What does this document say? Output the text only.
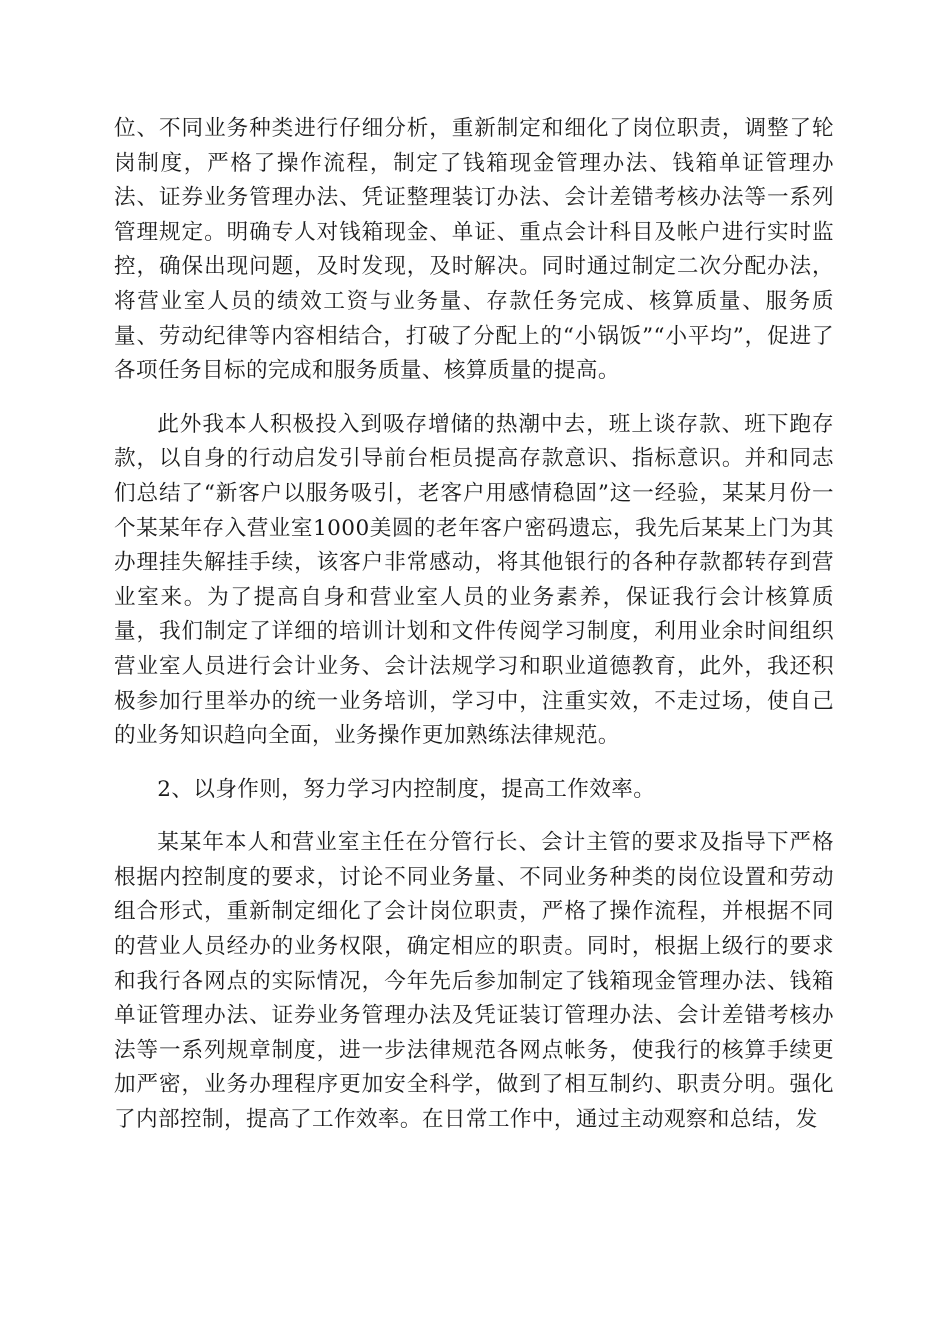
位、不同业务种类进行仔细分析，重新制定和细化了岗位职责，调整了轮岗制度，严格了操作流程，制定了钱箱现金管理办法、钱箱单证管理办法、证券业务管理办法、凭证整理装订办法、会计差错考核办法等一系列管理规定。明确专人对钱箱现金、单证、重点会计科目及帐户进行实时监控，确保出现问题，及时发现，及时解决。同时通过制定二次分配办法，将营业室人员的绩效工资与业务量、存款任务完成、核算质量、服务质量、劳动纪律等内容相结合，打破了分配上的“小锅饭”“小平均”，促进了各项任务目标的完成和服务质量、核算质量的提高。

此外我本人积极投入到吸存增储的热潮中去，班上谈存款、班下跑存款，以自身的行动启发引导前台柜员提高存款意识、指标意识。并和同志们总结了“新客户以服务吸引，老客户用感情稳固”这一经验，某某月份一个某某年存入营业室1000美圆的老年客户密码遗忘，我先后某某上门为其办理挂失解挂手续，该客户非常感动，将其他银行的各种存款都转存到营业室来。为了提高自身和营业室人员的业务素养，保证我行会计核算质量，我们制定了详细的培训计划和文件传阅学习制度，利用业余时间组织营业室人员进行会计业务、会计法规学习和职业道德教育，此外，我还积极参加行里举办的统一业务培训，学习中，注重实效，不走过场，使自己的业务知识趋向全面，业务操作更加熟练法律规范。

2、以身作则，努力学习内控制度，提高工作效率。

某某年本人和营业室主任在分管行长、会计主管的要求及指导下严格根据内控制度的要求，讨论不同业务量、不同业务种类的岗位设置和劳动组合形式，重新制定细化了会计岗位职责，严格了操作流程，并根据不同的营业人员经办的业务权限，确定相应的职责。同时，根据上级行的要求和我行各网点的实际情况，今年先后参加制定了钱箱现金管理办法、钱箱单证管理办法、证券业务管理办法及凭证装订管理办法、会计差错考核办法等一系列规章制度，进一步法律规范各网点帐务，使我行的核算手续更加严密，业务办理程序更加安全科学，做到了相互制约、职责分明。强化了内部控制，提高了工作效率。在日常工作中，通过主动观察和总结，发
